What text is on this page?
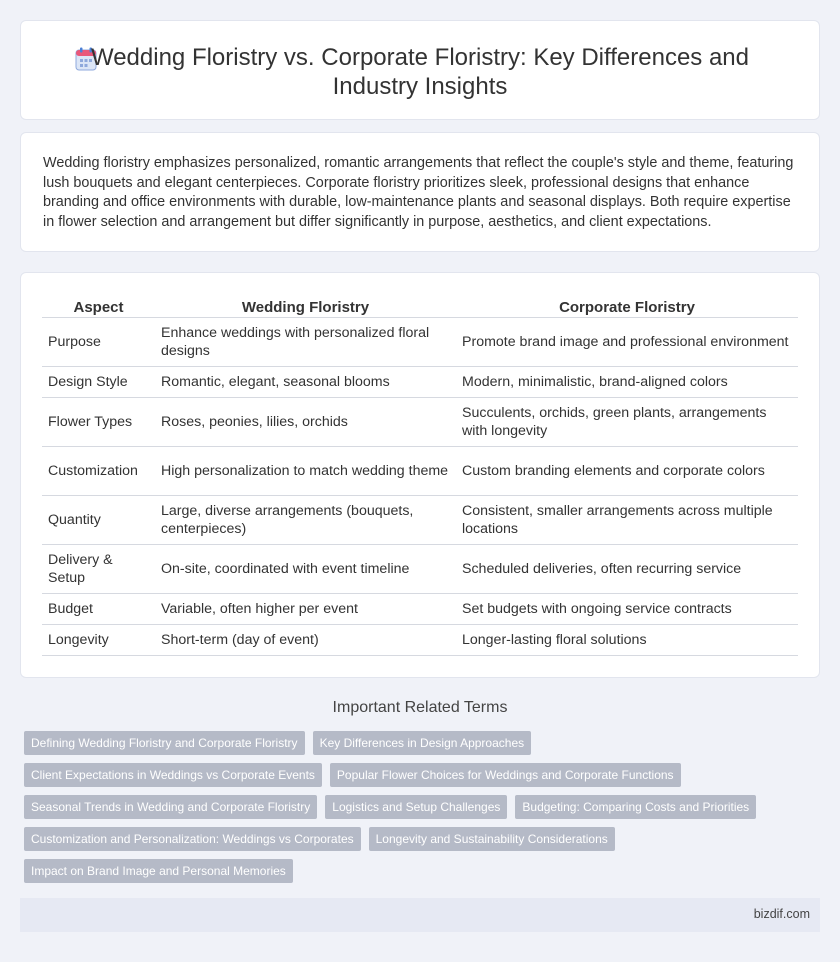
Wedding Floristry vs. Corporate Floristry: Key Differences and
Industry Insights

Wedding floristry emphasizes personalized, romantic arrangements that reflect the couple's style and theme, featuring lush bouquets and elegant centerpieces. Corporate floristry prioritizes sleek, professional designs that enhance branding and office environments with durable, low-maintenance plants and seasonal displays. Both require expertise in flower selection and arrangement but differ significantly in purpose, aesthetics, and client expectations.

Aspect	Wedding Floristry	Corporate Floristry
Purpose	Enhance weddings with personalized floral designs	Promote brand image and professional environment
Design Style	Romantic, elegant, seasonal blooms	Modern, minimalistic, brand-aligned colors
Flower Types	Roses, peonies, lilies, orchids	Succulents, orchids, green plants, arrangements with longevity
Customization	High personalization to match wedding theme	Custom branding elements and corporate colors
Quantity	Large, diverse arrangements (bouquets, centerpieces)	Consistent, smaller arrangements across multiple locations
Delivery & Setup	On-site, coordinated with event timeline	Scheduled deliveries, often recurring service
Budget	Variable, often higher per event	Set budgets with ongoing service contracts
Longevity	Short-term (day of event)	Longer-lasting floral solutions
Important Related Terms
Defining Wedding Floristry and Corporate Floristry	Key Differences in Design Approaches
Client Expectations in Weddings vs Corporate Events	Popular Flower Choices for Weddings and Corporate Functions
Seasonal Trends in Wedding and Corporate Floristry	Logistics and Setup Challenges	Budgeting: Comparing Costs and Priorities
Customization and Personalization: Weddings vs Corporates	Longevity and Sustainability Considerations
Impact on Brand Image and Personal Memories
bizdif.com
